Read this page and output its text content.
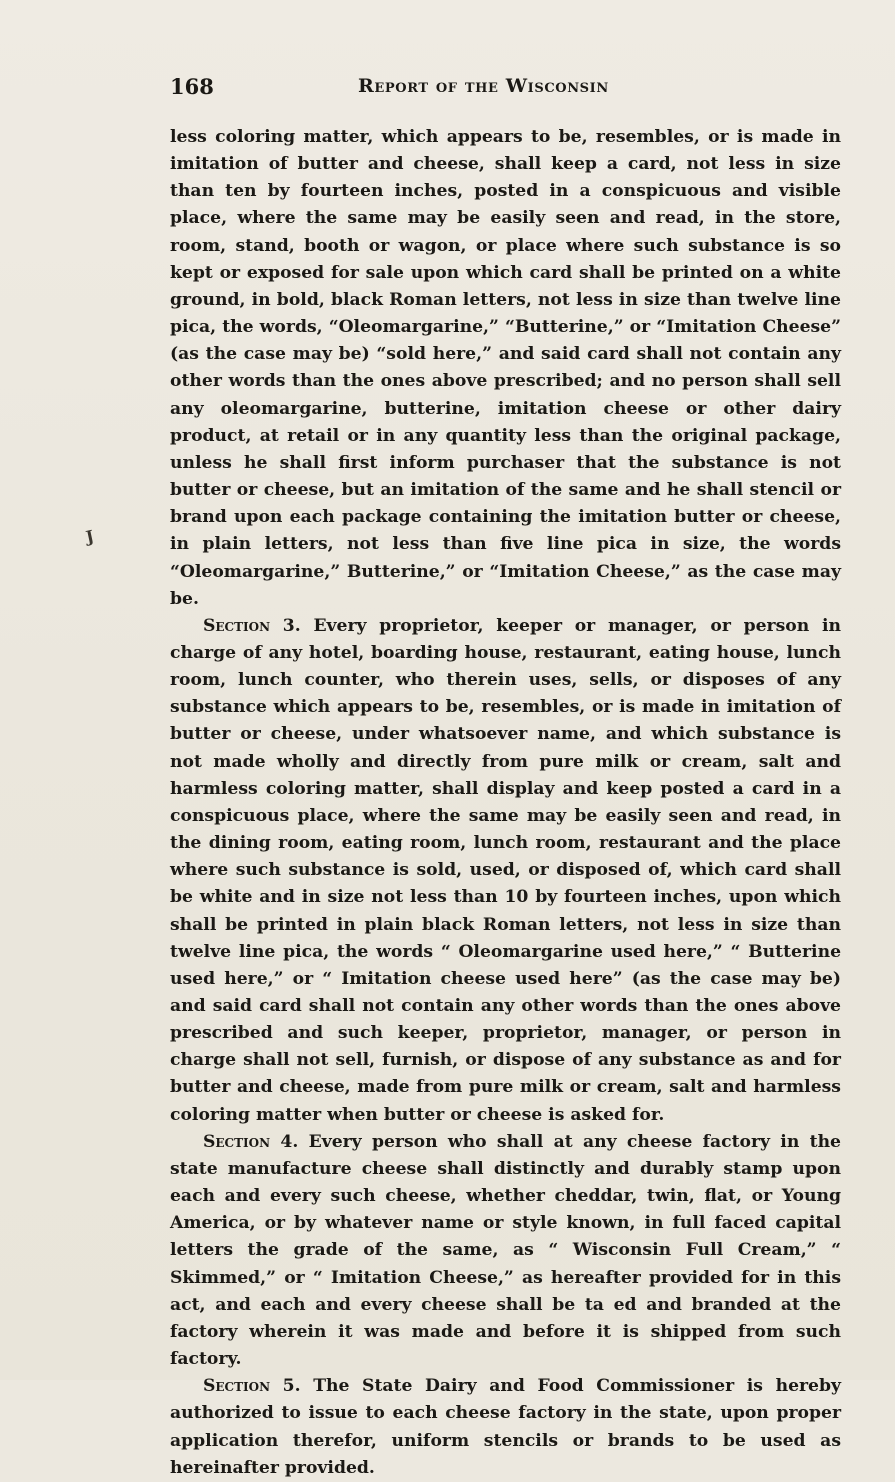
168	Report of the Wisconsin
J

less coloring matter, which appears to be, resembles, or is made in imitation of butter and cheese, shall keep a card, not less in size than ten by fourteen inches, posted in a conspicuous and visible place, where the same may be easily seen and read, in the store, room, stand, booth or wagon, or place where such substance is so kept or exposed for sale upon which card shall be printed on a white ground, in bold, black Roman letters, not less in size than twelve line pica, the words, “Oleomargarine,” “Butterine,” or “Imitation Cheese” (as the case may be) “sold here,” and said card shall not contain any other words than the ones above prescribed; and no person shall sell any oleomargarine, butterine, imitation cheese or other dairy product, at retail or in any quantity less than the original package, unless he shall first inform purchaser that the substance is not butter or cheese, but an imitation of the same and he shall stencil or brand upon each package containing the imitation butter or cheese, in plain letters, not less than five line pica in size, the words “Oleomargarine,” Butterine,” or “Imitation Cheese,” as the case may be.

Section 3. Every proprietor, keeper or manager, or person in charge of any hotel, boarding house, restaurant, eating house, lunch room, lunch counter, who therein uses, sells, or disposes of any substance which appears to be, resembles, or is made in imitation of butter or cheese, under whatsoever name, and which substance is not made wholly and directly from pure milk or cream, salt and harmless coloring matter, shall display and keep posted a card in a conspicuous place, where the same may be easily seen and read, in the dining room, eating room, lunch room, restaurant and the place where such substance is sold, used, or disposed of, which card shall be white and in size not less than 10 by fourteen inches, upon which shall be printed in plain black Roman letters, not less in size than twelve line pica, the words “ Oleomargarine used here,” “ Butterine used here,” or “ Imitation cheese used here” (as the case may be) and said card shall not contain any other words than the ones above prescribed and such keeper, proprietor, manager, or person in charge shall not sell, furnish, or dispose of any substance as and for butter and cheese, made from pure milk or cream, salt and harmless coloring matter when butter or cheese is asked for.

Section 4. Every person who shall at any cheese factory in the state manufacture cheese shall distinctly and durably stamp upon each and every such cheese, whether cheddar, twin, flat, or Young America, or by whatever name or style known, in full faced capital letters the grade of the same, as “ Wisconsin Full Cream,” “ Skimmed,” or “ Imitation Cheese,” as hereafter provided for in this act, and each and every cheese shall be ta ed and branded at the factory wherein it was made and before it is shipped from such factory.

Section 5. The State Dairy and Food Commissioner is hereby authorized to issue to each cheese factory in the state, upon proper application therefor, uniform stencils or brands to be used as hereinafter provided.
